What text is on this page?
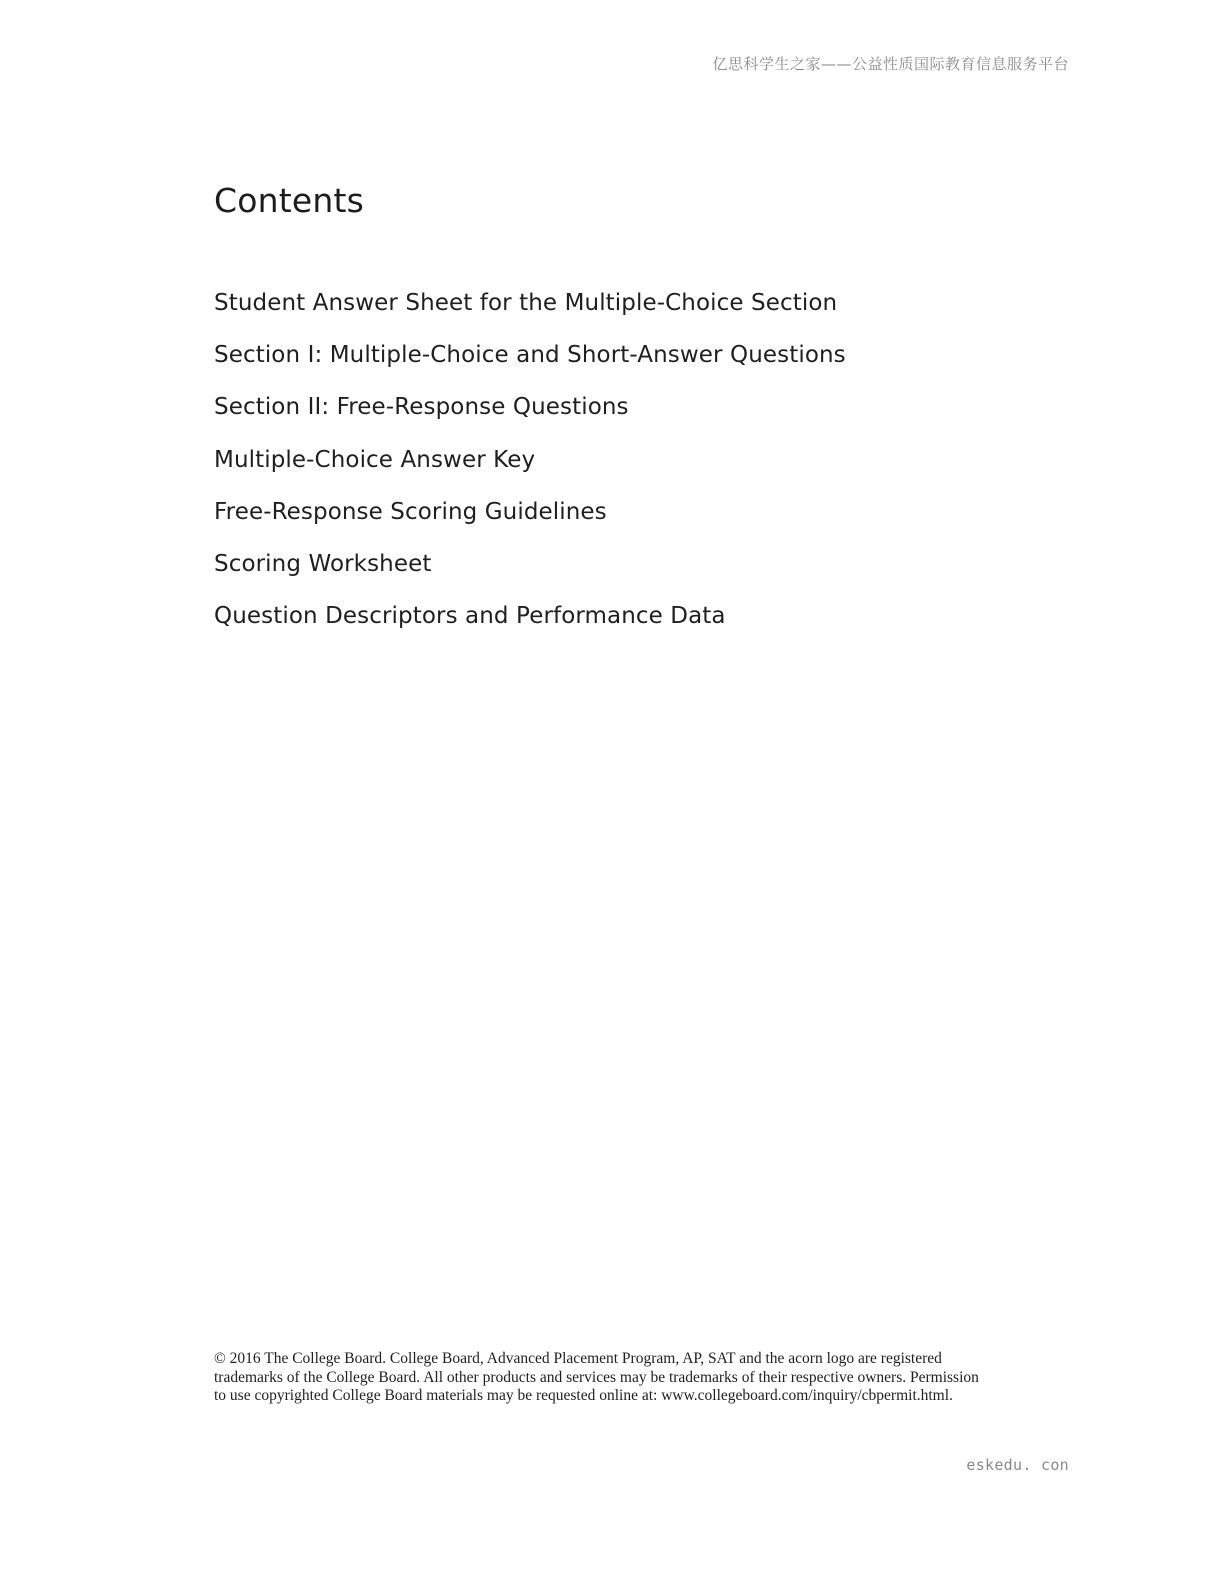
亿思科学生之家——公益性质国际教育信息服务平台
Contents
Student Answer Sheet for the Multiple-Choice Section
Section I: Multiple-Choice and Short-Answer Questions
Section II: Free-Response Questions
Multiple-Choice Answer Key
Free-Response Scoring Guidelines
Scoring Worksheet
Question Descriptors and Performance Data

© 2016 The College Board. College Board, Advanced Placement Program, AP, SAT and the acorn logo are registered trademarks of the College Board. All other products and services may be trademarks of their respective owners. Permission to use copyrighted College Board materials may be requested online at: www.collegeboard.com/inquiry/cbpermit.html.

eskedu. con
